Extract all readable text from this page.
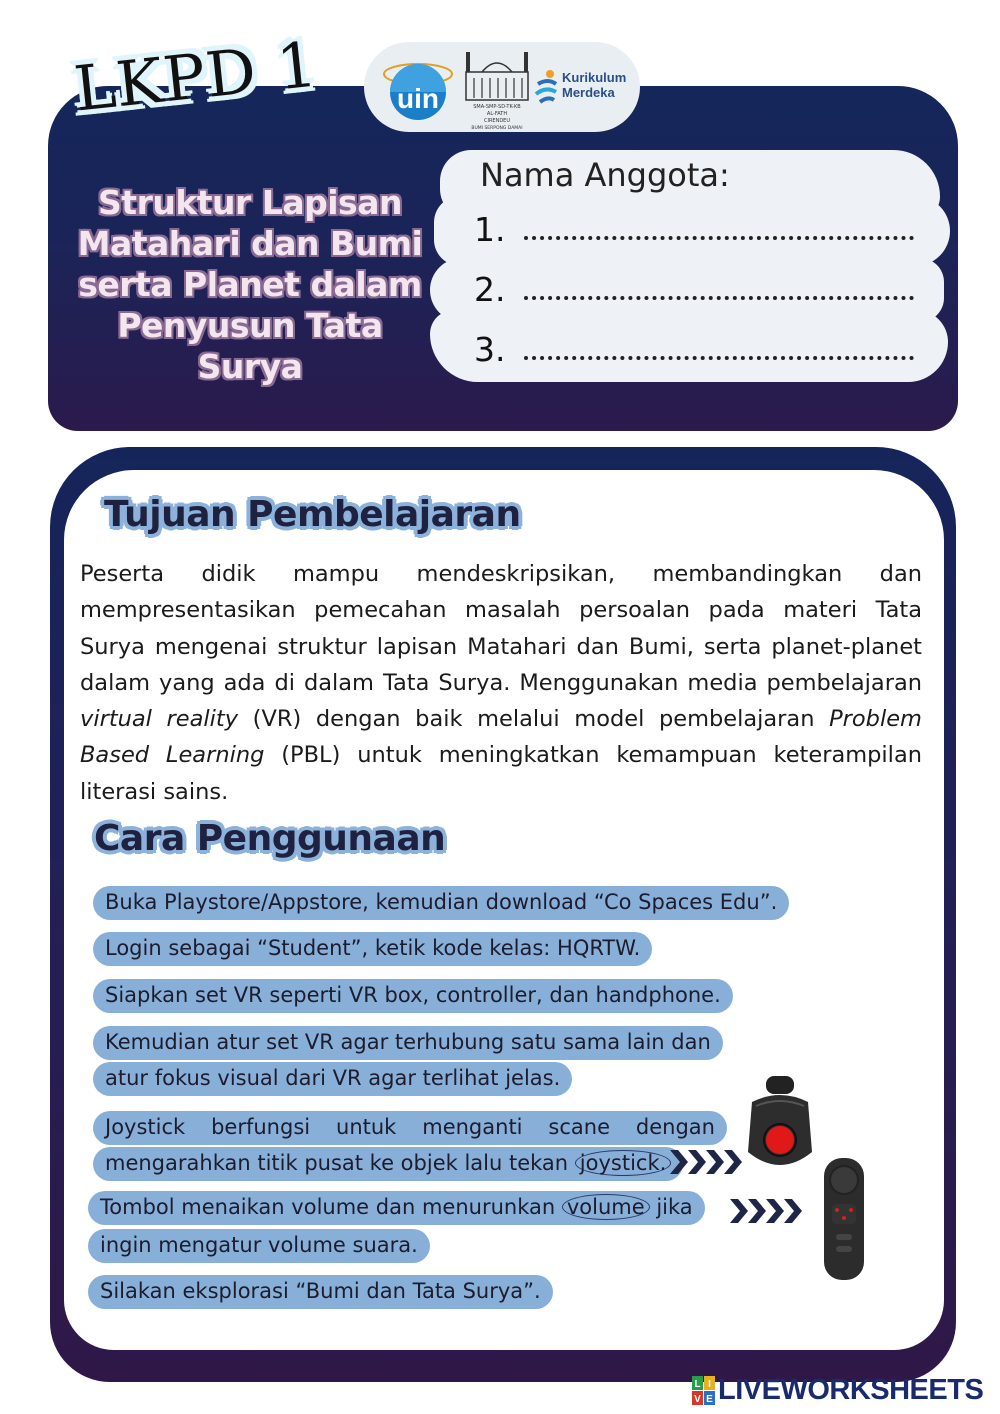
LKPD 1	uin	SMA-SMP-SD-TK-KB
AL-FATH
CIRENDEU
BUMI SERPONG DAMAI
Kurikulum
Merdeka
Struktur Lapisan
Matahari dan Bumi
serta Planet dalam
Penyusun Tata Surya
Nama Anggota:
1.
2.
3.
Tujuan Pembelajaran
Peserta didik mampu mendeskripsikan, membandingkan dan mempresentasikan pemecahan masalah persoalan pada materi Tata Surya mengenai struktur lapisan Matahari dan Bumi, serta planet-planet dalam yang ada di dalam Tata Surya. Menggunakan media pembelajaran virtual reality (VR) dengan baik melalui model pembelajaran Problem Based Learning (PBL) untuk meningkatkan kemampuan keterampilan literasi sains.
Cara Penggunaan
Buka Playstore/Appstore, kemudian download “Co Spaces Edu”.
Login sebagai “Student”, ketik kode kelas: HQRTW.
Siapkan set VR seperti VR box, controller, dan handphone.
Kemudian atur set VR agar terhubung satu sama lain dan
atur fokus visual dari VR agar terlihat jelas.
Joystick berfungsi untuk menganti scane dengan
mengarahkan titik pusat ke objek lalu tekan joystick.
Tombol menaikan volume dan menurunkan volume jika
ingin mengatur volume suara.
Silakan eksplorasi “Bumi dan Tata Surya”.
L I
V E LIVEWORKSHEETS
